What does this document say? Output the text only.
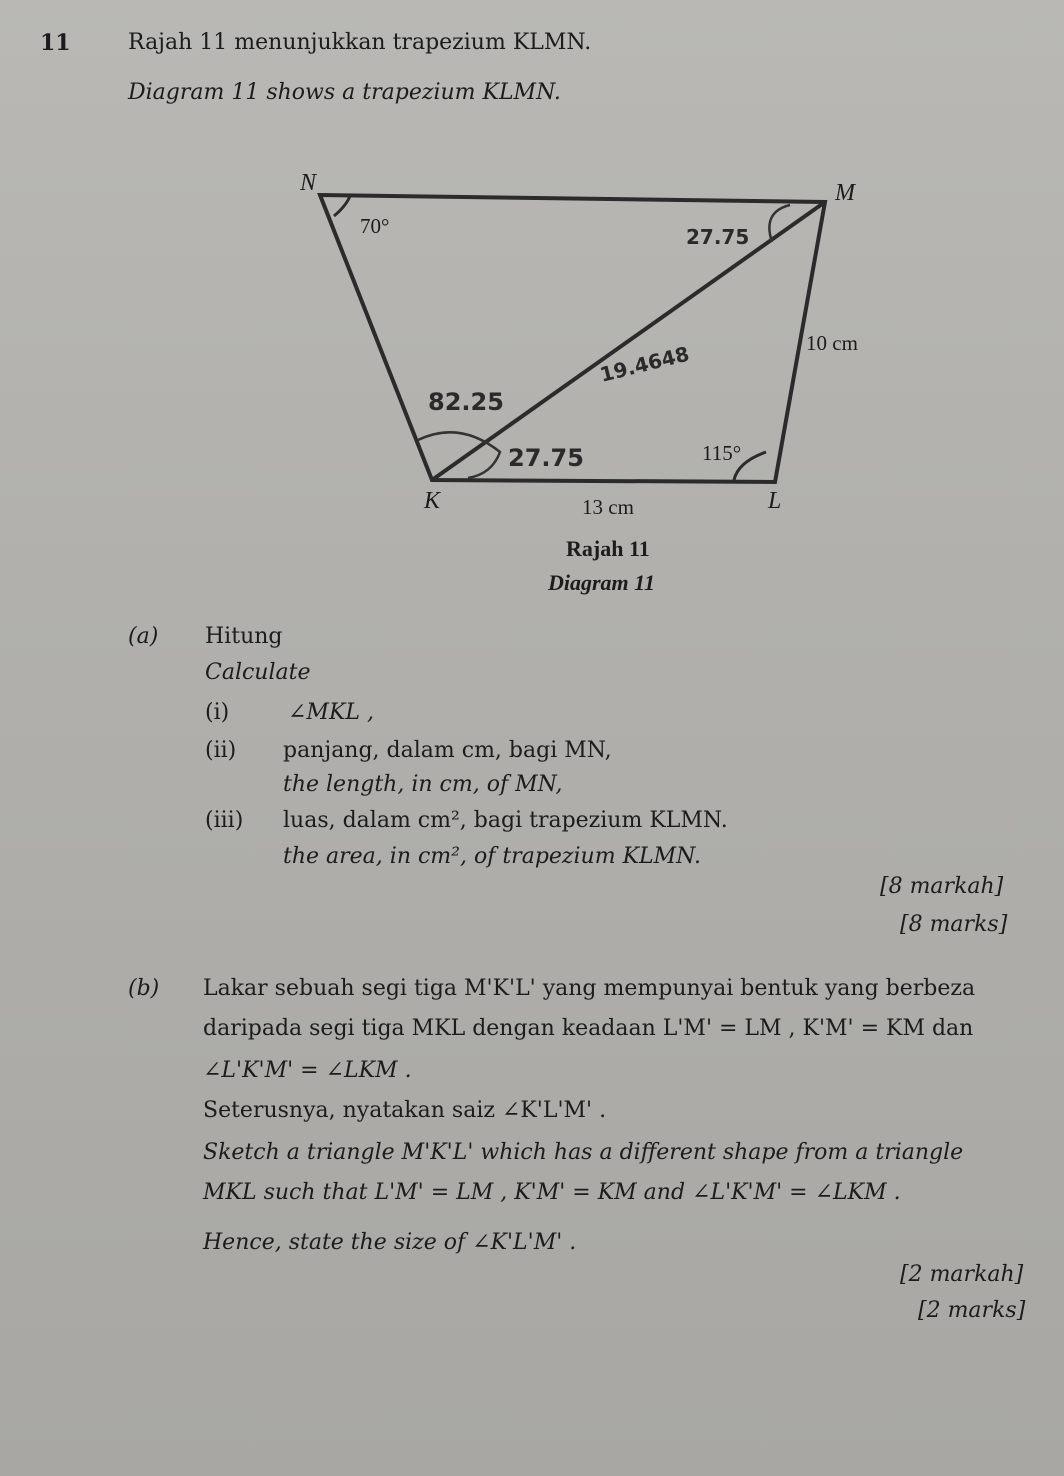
11	Rajah 11 menunjukkan trapezium KLMN.
Diagram 11 shows a trapezium KLMN.
N	M
K	L
70°
115°
10 cm
13 cm
27.75
19.4648
82.25
27.75
Rajah 11
Diagram 11
(a) Hitung
Calculate
(i)	∠MKL ,
(ii) panjang, dalam cm, bagi MN,
the length, in cm, of MN,
(iii) luas, dalam cm², bagi trapezium KLMN.
the area, in cm², of trapezium KLMN.
[8 markah]
[8 marks]
(b) Lakar sebuah segi tiga M'K'L' yang mempunyai bentuk yang berbeza
daripada segi tiga MKL dengan keadaan L'M' = LM , K'M' = KM dan
∠L'K'M' = ∠LKM .
Seterusnya, nyatakan saiz ∠K'L'M' .
Sketch a triangle M'K'L' which has a different shape from a triangle
MKL such that L'M' = LM , K'M' = KM and ∠L'K'M' = ∠LKM .
Hence, state the size of ∠K'L'M' .
[2 markah]
[2 marks]
